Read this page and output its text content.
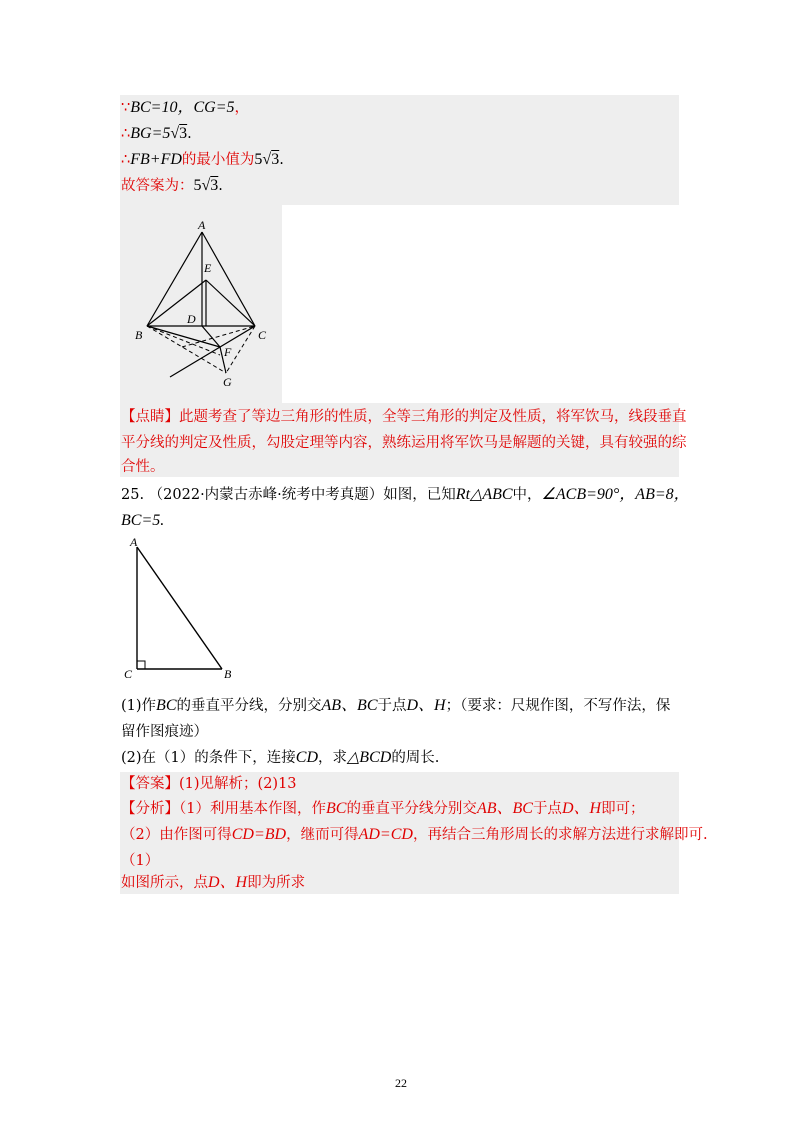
∵BC=10，CG=5，
∴BG=5√3.
∴FB+FD的最小值为5√3.
故答案为：5√3.
A
E
D
B	C
F
G
【点睛】此题考查了等边三角形的性质，全等三角形的判定及性质，将军饮马，线段垂直
平分线的判定及性质，勾股定理等内容，熟练运用将军饮马是解题的关键，具有较强的综
合性。
25. （2022·内蒙古赤峰·统考中考真题）如图，已知Rt△ABC中，∠ACB=90°，AB=8，
BC=5.
A
C	B
(1)作BC的垂直平分线，分别交AB、BC于点D、H；（要求：尺规作图，不写作法，保
留作图痕迹）
(2)在（1）的条件下，连接CD，求△BCD的周长.
【答案】(1)见解析；(2)13
【分析】（1）利用基本作图，作BC的垂直平分线分别交AB、BC于点D、H即可；
（2）由作图可得CD=BD，继而可得AD=CD，再结合三角形周长的求解方法进行求解即可.
（1）
如图所示，点D、H即为所求
22
